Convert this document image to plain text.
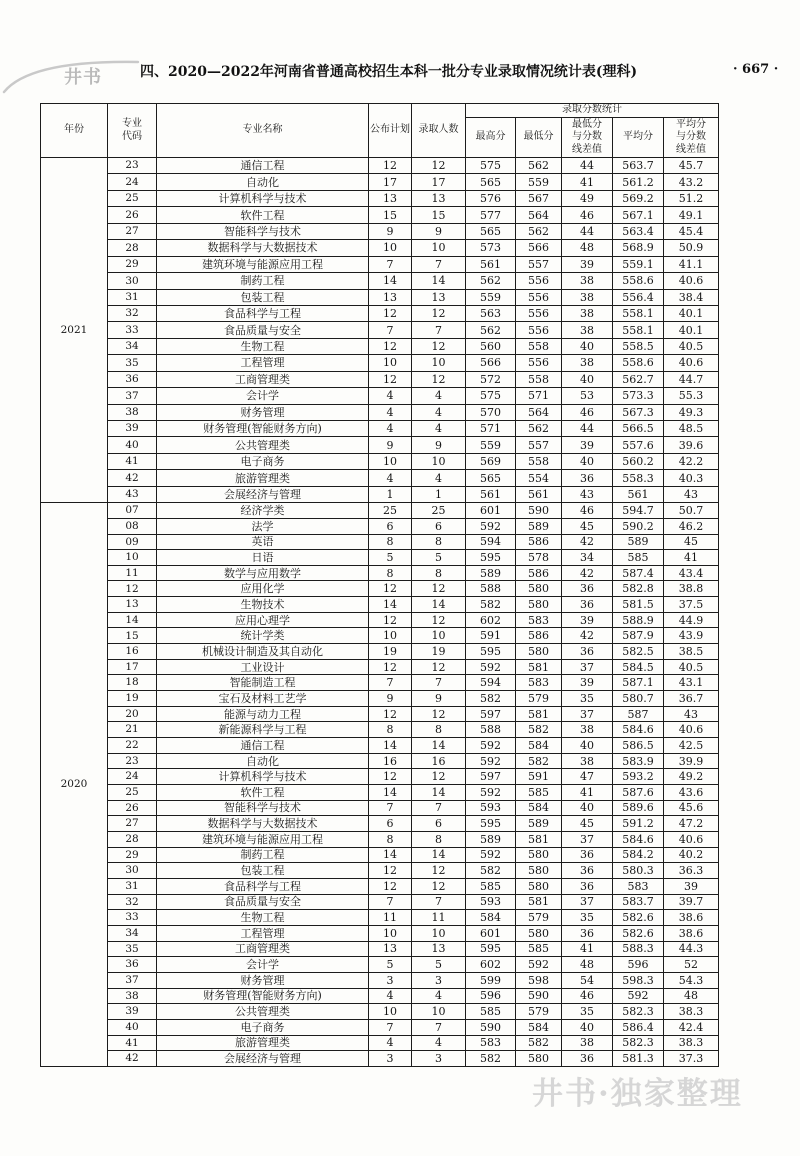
井书	四、2020—2022年河南省普通高校招生本科一批分专业录取情况统计表(理科)	· 667 ·
年份	专业代码	专业名称	公布计划	录取人数	录取分数统计				
					最高分	最低分	最低分与分数线差值	平均分	平均分与分数线差值
2021	23	通信工程	12	12	575	562	44	563.7	45.7
	24	自动化	17	17	565	559	41	561.2	43.2
	25	计算机科学与技术	13	13	576	567	49	569.2	51.2
	26	软件工程	15	15	577	564	46	567.1	49.1
	27	智能科学与技术	9	9	565	562	44	563.4	45.4
	28	数据科学与大数据技术	10	10	573	566	48	568.9	50.9
	29	建筑环境与能源应用工程	7	7	561	557	39	559.1	41.1
	30	制药工程	14	14	562	556	38	558.6	40.6
	31	包装工程	13	13	559	556	38	556.4	38.4
	32	食品科学与工程	12	12	563	556	38	558.1	40.1
	33	食品质量与安全	7	7	562	556	38	558.1	40.1
	34	生物工程	12	12	560	558	40	558.5	40.5
	35	工程管理	10	10	566	556	38	558.6	40.6
	36	工商管理类	12	12	572	558	40	562.7	44.7
	37	会计学	4	4	575	571	53	573.3	55.3
	38	财务管理	4	4	570	564	46	567.3	49.3
	39	财务管理(智能财务方向)	4	4	571	562	44	566.5	48.5
	40	公共管理类	9	9	559	557	39	557.6	39.6
	41	电子商务	10	10	569	558	40	560.2	42.2
	42	旅游管理类	4	4	565	554	36	558.3	40.3
	43	会展经济与管理	1	1	561	561	43	561	43
2020	07	经济学类	25	25	601	590	46	594.7	50.7
	08	法学	6	6	592	589	45	590.2	46.2
	09	英语	8	8	594	586	42	589	45
	10	日语	5	5	595	578	34	585	41
	11	数学与应用数学	8	8	589	586	42	587.4	43.4
	12	应用化学	12	12	588	580	36	582.8	38.8
	13	生物技术	14	14	582	580	36	581.5	37.5
	14	应用心理学	12	12	602	583	39	588.9	44.9
	15	统计学类	10	10	591	586	42	587.9	43.9
	16	机械设计制造及其自动化	19	19	595	580	36	582.5	38.5
	17	工业设计	12	12	592	581	37	584.5	40.5
	18	智能制造工程	7	7	594	583	39	587.1	43.1
	19	宝石及材料工艺学	9	9	582	579	35	580.7	36.7
	20	能源与动力工程	12	12	597	581	37	587	43
	21	新能源科学与工程	8	8	588	582	38	584.6	40.6
	22	通信工程	14	14	592	584	40	586.5	42.5
	23	自动化	16	16	592	582	38	583.9	39.9
	24	计算机科学与技术	12	12	597	591	47	593.2	49.2
	25	软件工程	14	14	592	585	41	587.6	43.6
	26	智能科学与技术	7	7	593	584	40	589.6	45.6
	27	数据科学与大数据技术	6	6	595	589	45	591.2	47.2
	28	建筑环境与能源应用工程	8	8	589	581	37	584.6	40.6
	29	制药工程	14	14	592	580	36	584.2	40.2
	30	包装工程	12	12	582	580	36	580.3	36.3
	31	食品科学与工程	12	12	585	580	36	583	39
	32	食品质量与安全	7	7	593	581	37	583.7	39.7
	33	生物工程	11	11	584	579	35	582.6	38.6
	34	工程管理	10	10	601	580	36	582.6	38.6
	35	工商管理类	13	13	595	585	41	588.3	44.3
	36	会计学	5	5	602	592	48	596	52
	37	财务管理	3	3	599	598	54	598.3	54.3
	38	财务管理(智能财务方向)	4	4	596	590	46	592	48
	39	公共管理类	10	10	585	579	35	582.3	38.3
	40	电子商务	7	7	590	584	40	586.4	42.4
	41	旅游管理类	4	4	583	582	38	582.3	38.3
	42	会展经济与管理	3	3	582	580	36	581.3	37.3
井书·独家整理
